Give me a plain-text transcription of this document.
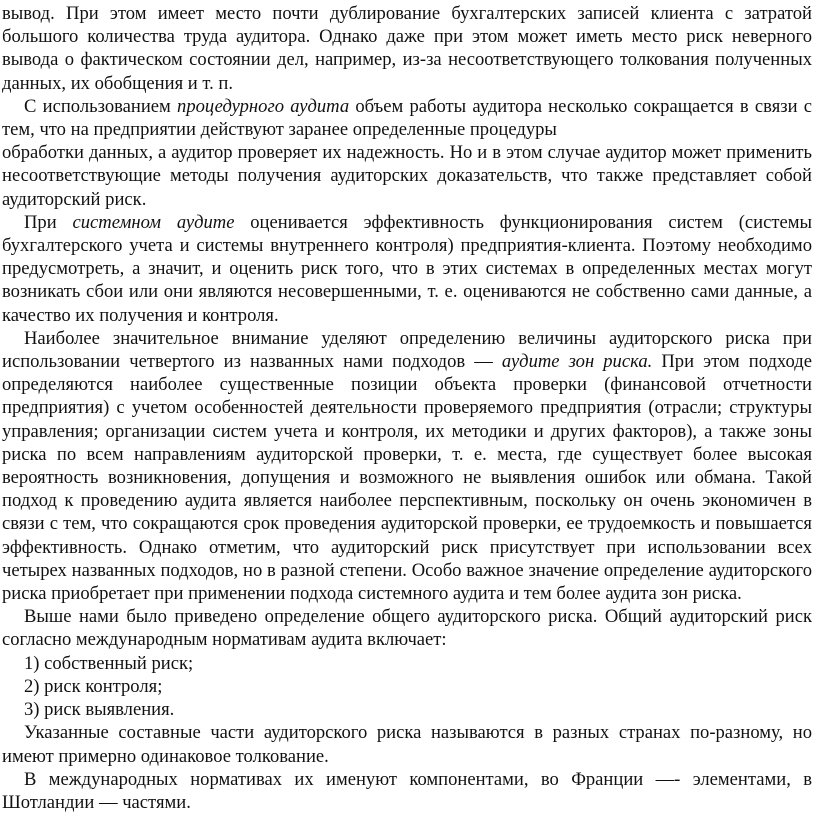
вывод. При этом имеет место почти дублирование бухгалтерских записей клиента с затратой большого количества труда аудитора. Однако даже при этом может иметь место риск неверного вывода о фактическом состоянии дел, например, из-за несоответствующего толкования полученных данных, их обобщения и т. п.

С использованием процедурного аудита объем работы аудитора несколько сокращается в связи с тем, что на предприятии действуют заранее определенные процедуры

обработки данных, а аудитор проверяет их надежность. Но и в этом случае аудитор может применить несоответствующие методы получения аудиторских доказательств, что также представляет собой аудиторский риск.

При системном аудите оценивается эффективность функционирования систем (системы бухгалтерского учета и системы внутреннего контроля) предприятия-клиента. Поэтому необходимо предусмотреть, а значит, и оценить риск того, что в этих системах в определенных местах могут возникать сбои или они являются несовершенными, т. е. оцениваются не собственно сами данные, а качество их получения и контроля.

Наиболее значительное внимание уделяют определению величины аудиторского риска при использовании четвертого из названных нами подходов — аудите зон риска. При этом подходе определяются наиболее существенные позиции объекта проверки (финансовой отчетности предприятия) с учетом особенностей деятельности проверяемого предприятия (отрасли; структуры управления; организации систем учета и контроля, их методики и других факторов), а также зоны риска по всем направлениям аудиторской проверки, т. е. места, где существует более высокая вероятность возникновения, допущения и возможного не выявления ошибок или обмана. Такой подход к проведению аудита является наиболее перспективным, поскольку он очень экономичен в связи с тем, что сокращаются срок проведения аудиторской проверки, ее трудоемкость и повышается эффективность. Однако отметим, что аудиторский риск присутствует при использовании всех четырех названных подходов, но в разной степени. Особо важное значение определение аудиторского риска приобретает при применении подхода системного аудита и тем более аудита зон риска.

Выше нами было приведено определение общего аудиторского риска. Общий аудиторский риск согласно международным нормативам аудита включает:

1) собственный риск;

2) риск контроля;

3) риск выявления.

Указанные составные части аудиторского риска называются в разных странах по-разному, но имеют примерно одинаковое толкование.

В международных нормативах их именуют компонентами, во Франции —- элементами, в Шотландии — частями.
